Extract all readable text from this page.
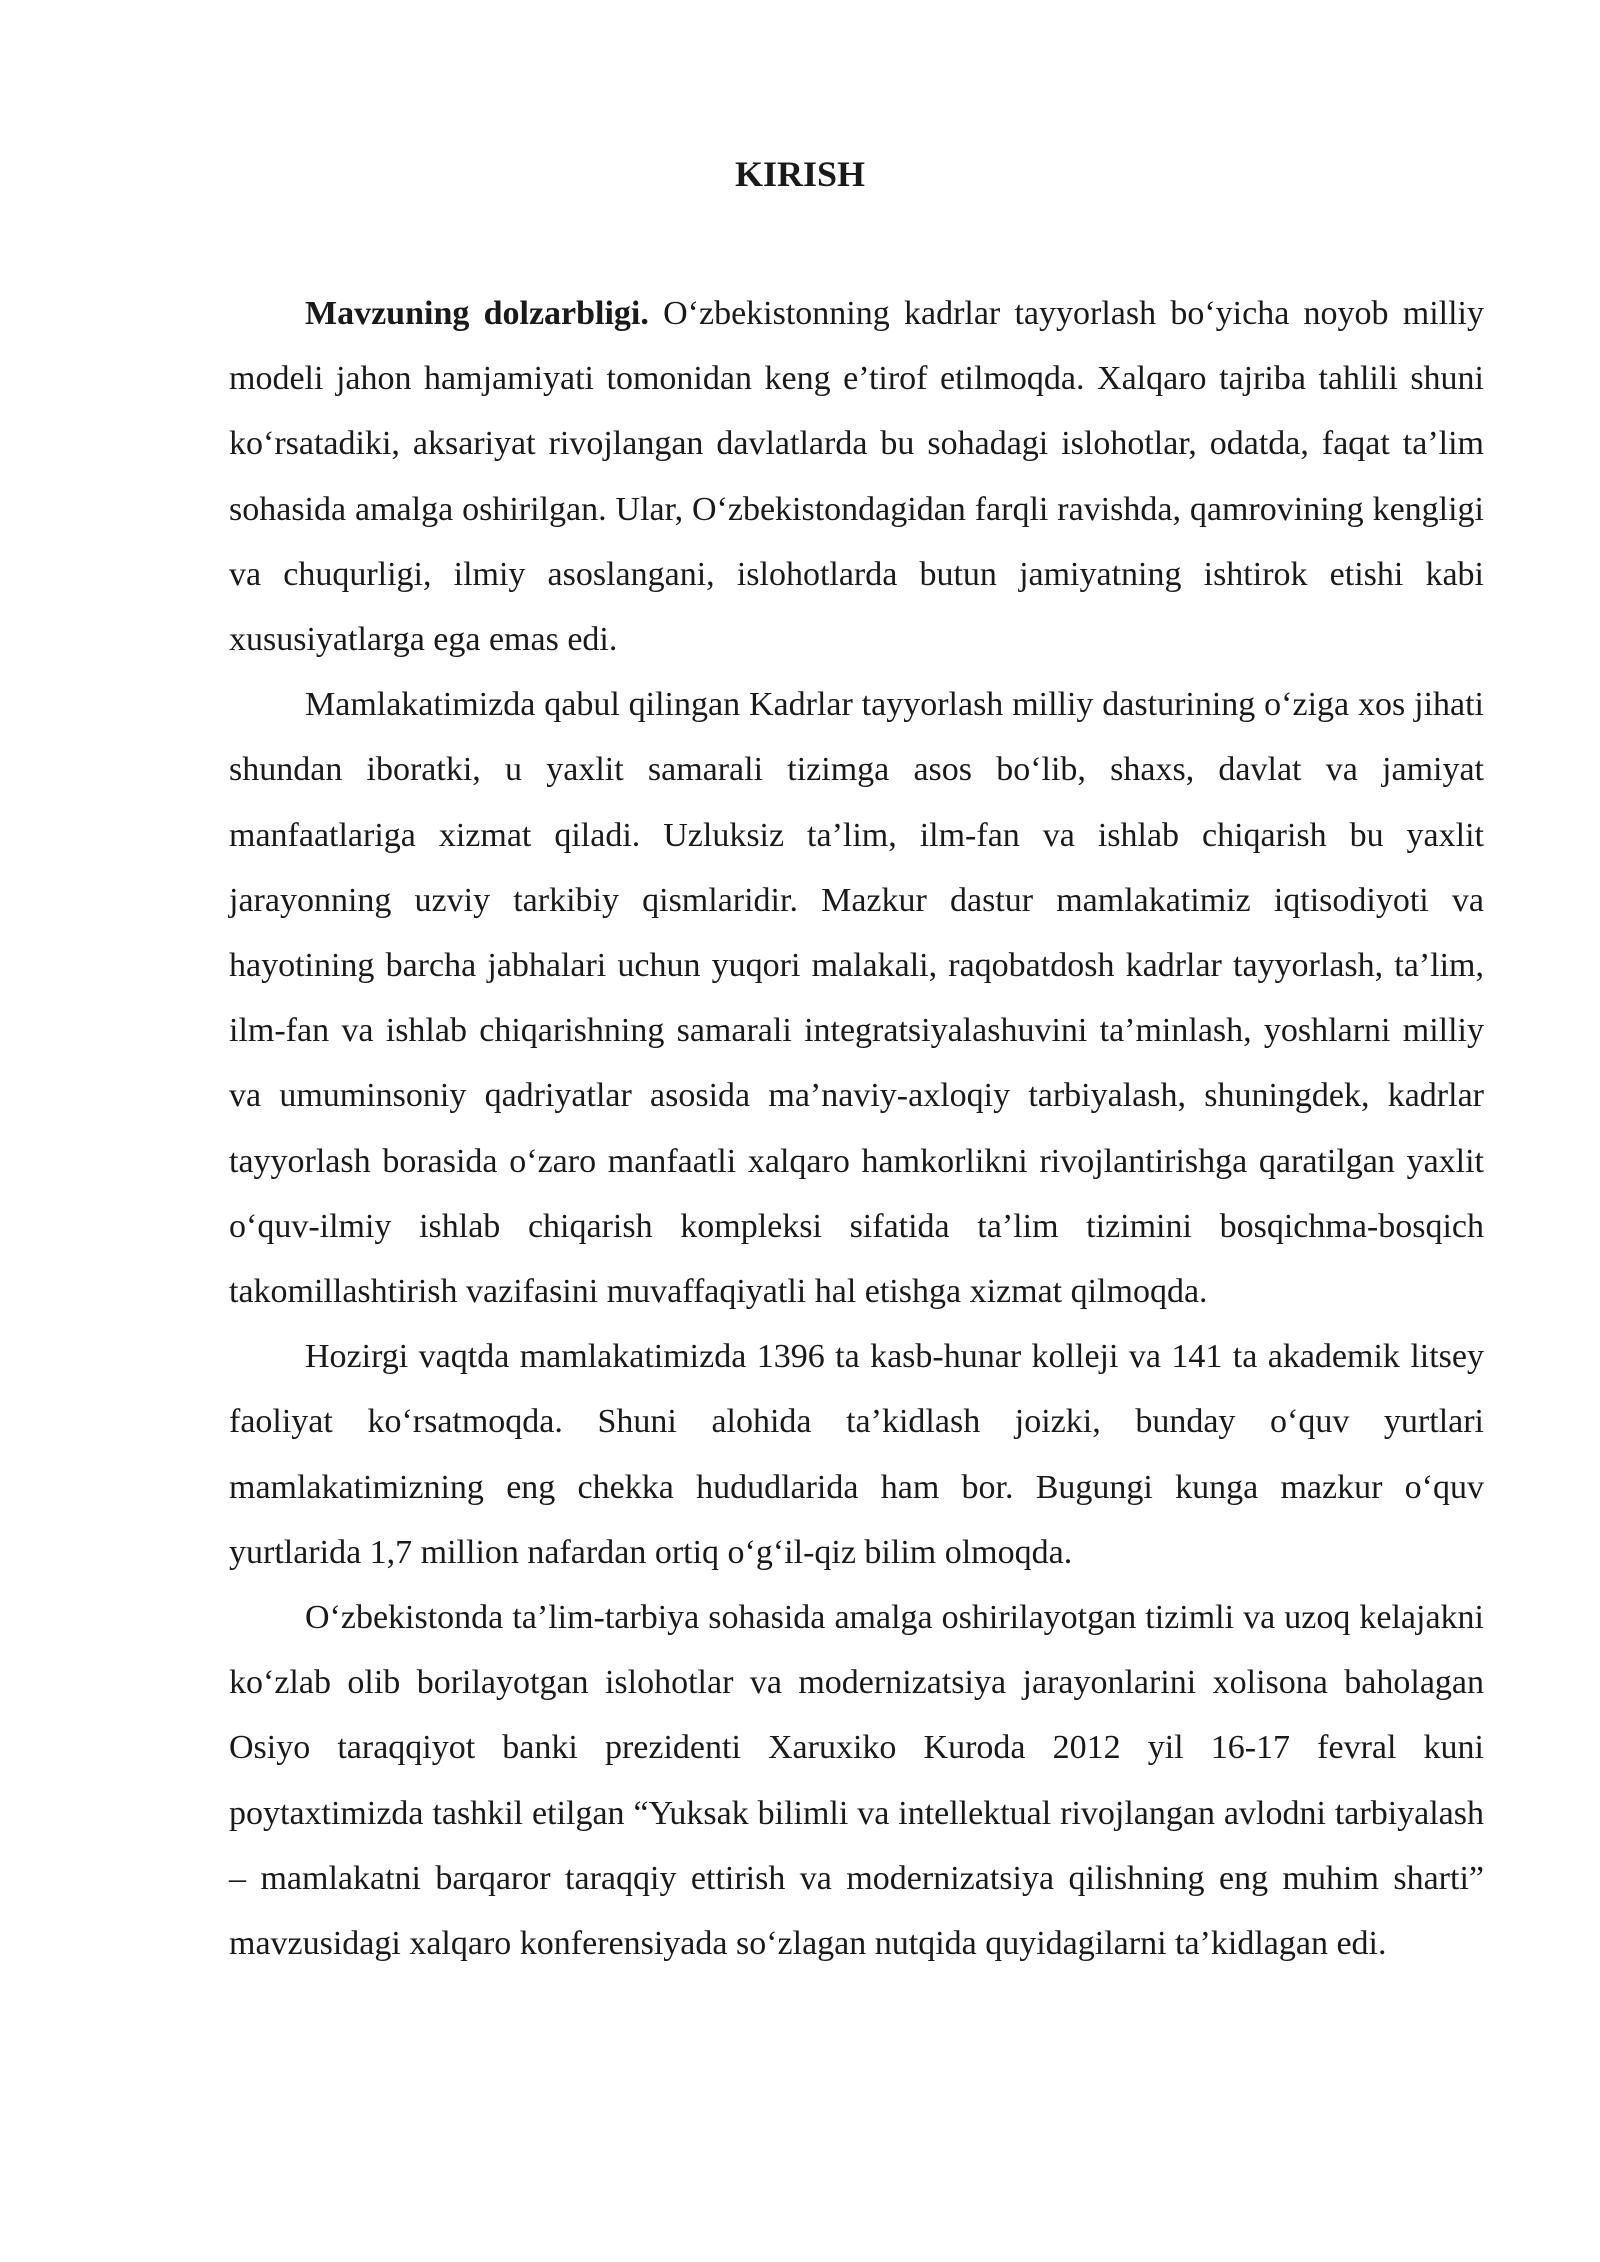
KIRISH

Mavzuning dolzarbligi. O‘zbekistonning kadrlar tayyorlash bo‘yicha noyob milliy modeli jahon hamjamiyati tomonidan keng e’tirof etilmoqda. Xalqaro tajriba tahlili shuni ko‘rsatadiki, aksariyat rivojlangan davlatlarda bu sohadagi islohotlar, odatda, faqat ta’lim sohasida amalga oshirilgan. Ular, O‘zbekistondagidan farqli ravishda, qamrovining kengligi va chuqurligi, ilmiy asoslangani, islohotlarda butun jamiyatning ishtirok etishi kabi xususiyatlarga ega emas edi.

Mamlakatimizda qabul qilingan Kadrlar tayyorlash milliy dasturining o‘ziga xos jihati shundan iboratki, u yaxlit samarali tizimga asos bo‘lib, shaxs, davlat va jamiyat manfaatlariga xizmat qiladi. Uzluksiz ta’lim, ilm-fan va ishlab chiqarish bu yaxlit jarayonning uzviy tarkibiy qismlaridir. Mazkur dastur mamlakatimiz iqtisodiyoti va hayotining barcha jabhalari uchun yuqori malakali, raqobatdosh kadrlar tayyorlash, ta’lim, ilm-fan va ishlab chiqarishning samarali integratsiyalashuvini ta’minlash, yoshlarni milliy va umuminsoniy qadriyatlar asosida ma’naviy-axloqiy tarbiyalash, shuningdek, kadrlar tayyorlash borasida o‘zaro manfaatli xalqaro hamkorlikni rivojlantirishga qaratilgan yaxlit o‘quv-ilmiy ishlab chiqarish kompleksi sifatida ta’lim tizimini bosqichma-bosqich takomillashtirish vazifasini muvaffaqiyatli hal etishga xizmat qilmoqda.

Hozirgi vaqtda mamlakatimizda 1396 ta kasb-hunar kolleji va 141 ta akademik litsey faoliyat ko‘rsatmoqda. Shuni alohida ta’kidlash joizki, bunday o‘quv yurtlari mamlakatimizning eng chekka hududlarida ham bor. Bugungi kunga mazkur o‘quv yurtlarida 1,7 million nafardan ortiq o‘g‘il-qiz bilim olmoqda.

O‘zbekistonda ta’lim-tarbiya sohasida amalga oshirilayotgan tizimli va uzoq kelajakni ko‘zlab olib borilayotgan islohotlar va modernizatsiya jarayonlarini xolisona baholagan Osiyo taraqqiyot banki prezidenti Xaruxiko Kuroda 2012 yil 16-17 fevral kuni poytaxtimizda tashkil etilgan “Yuksak bilimli va intellektual rivojlangan avlodni tarbiyalash – mamlakatni barqaror taraqqiy ettirish va modernizatsiya qilishning eng muhim sharti” mavzusidagi xalqaro konferensiyada so‘zlagan nutqida quyidagilarni ta’kidlagan edi.
